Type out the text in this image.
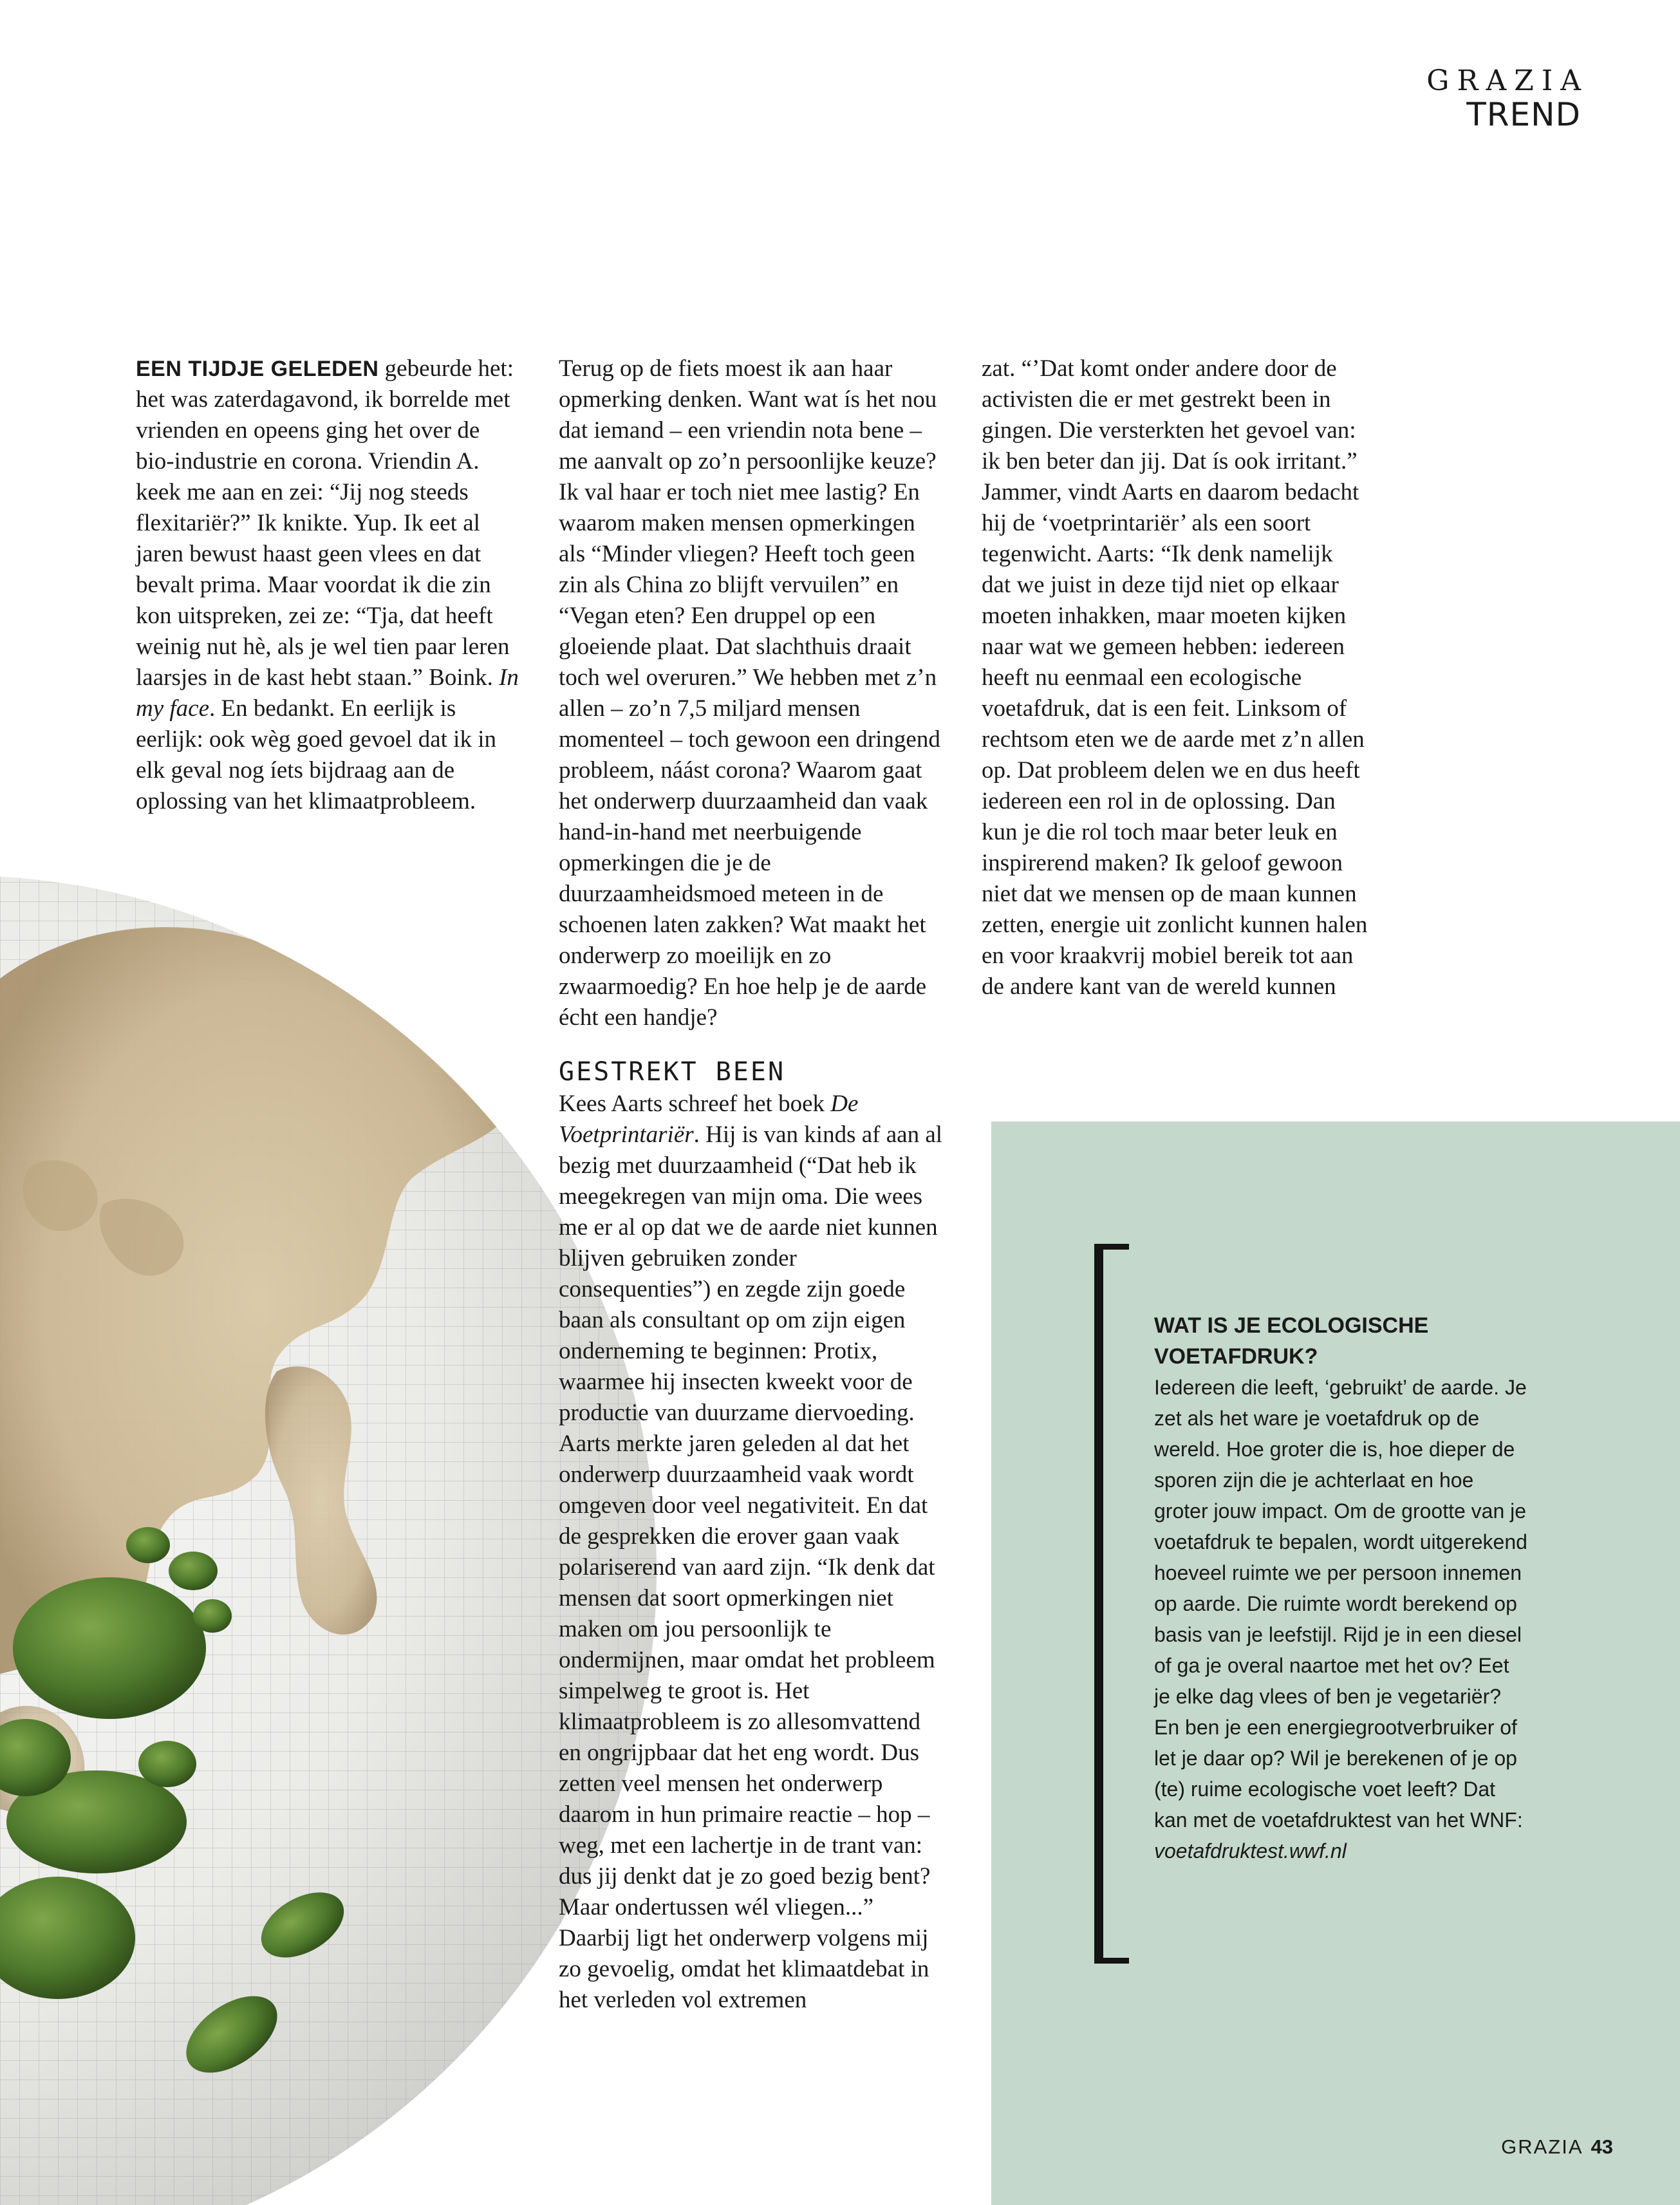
GRAZIA
TREND

EEN TIJDJE GELEDEN gebeurde het: het was zaterdagavond, ik borrelde met vrienden en opeens ging het over de bio-industrie en corona. Vriendin A. keek me aan en zei: “Jij nog steeds flexitariër?” Ik knikte. Yup. Ik eet al jaren bewust haast geen vlees en dat bevalt prima. Maar voordat ik die zin kon uitspreken, zei ze: “Tja, dat heeft weinig nut hè, als je wel tien paar leren laarsjes in de kast hebt staan.” Boink. In my face. En bedankt. En eerlijk is eerlijk: ook wèg goed gevoel dat ik in elk geval nog íets bijdraag aan de oplossing van het klimaatprobleem.

Terug op de fiets moest ik aan haar opmerking denken. Want wat ís het nou dat iemand – een vriendin nota bene – me aanvalt op zo’n persoonlijke keuze? Ik val haar er toch niet mee lastig? En waarom maken mensen opmerkingen als “Minder vliegen? Heeft toch geen zin als China zo blijft vervuilen” en “Vegan eten? Een druppel op een gloeiende plaat. Dat slachthuis draait toch wel overuren.” We hebben met z’n allen – zo’n 7,5 miljard mensen momenteel – toch gewoon een dringend probleem, náást corona? Waarom gaat het onderwerp duurzaamheid dan vaak hand-in-hand met neerbuigende opmerkingen die je de duurzaamheidsmoed meteen in de schoenen laten zakken? Wat maakt het onderwerp zo moeilijk en zo zwaarmoedig? En hoe help je de aarde écht een handje?

GESTREKT BEEN

Kees Aarts schreef het boek De Voetprintariër. Hij is van kinds af aan al bezig met duurzaamheid (“Dat heb ik meegekregen van mijn oma. Die wees me er al op dat we de aarde niet kunnen blijven gebruiken zonder consequenties”) en zegde zijn goede baan als consultant op om zijn eigen onderneming te beginnen: Protix, waarmee hij insecten kweekt voor de productie van duurzame diervoeding. Aarts merkte jaren geleden al dat het onderwerp duurzaamheid vaak wordt omgeven door veel negativiteit. En dat de gesprekken die erover gaan vaak polariserend van aard zijn. “Ik denk dat mensen dat soort opmerkingen niet maken om jou persoonlijk te ondermijnen, maar omdat het probleem simpelweg te groot is. Het klimaatprobleem is zo allesomvattend en ongrijpbaar dat het eng wordt. Dus zetten veel mensen het onderwerp daarom in hun primaire reactie – hop – weg, met een lachertje in de trant van: dus jij denkt dat je zo goed bezig bent? Maar ondertussen wél vliegen...” Daarbij ligt het onderwerp volgens mij zo gevoelig, omdat het klimaatdebat in het verleden vol extremen

zat. “’Dat komt onder andere door de activisten die er met gestrekt been in gingen. Die versterkten het gevoel van: ik ben beter dan jij. Dat ís ook irritant.”

Jammer, vindt Aarts en daarom bedacht hij de ‘voetprintariër’ als een soort tegenwicht. Aarts: “Ik denk namelijk dat we juist in deze tijd niet op elkaar moeten inhakken, maar moeten kijken naar wat we gemeen hebben: iedereen heeft nu eenmaal een ecologische voetafdruk, dat is een feit. Linksom of rechtsom eten we de aarde met z’n allen op. Dat probleem delen we en dus heeft iedereen een rol in de oplossing. Dan kun je die rol toch maar beter leuk en inspirerend maken? Ik geloof gewoon niet dat we mensen op de maan kunnen zetten, energie uit zonlicht kunnen halen en voor kraakvrij mobiel bereik tot aan de andere kant van de wereld kunnen

WAT IS JE ECOLOGISCHE VOETAFDRUK?

Iedereen die leeft, ‘gebruikt’ de aarde. Je zet als het ware je voetafdruk op de wereld. Hoe groter die is, hoe dieper de sporen zijn die je achterlaat en hoe groter jouw impact. Om de grootte van je voetafdruk te bepalen, wordt uitgerekend hoeveel ruimte we per persoon innemen op aarde. Die ruimte wordt berekend op basis van je leefstijl. Rijd je in een diesel of ga je overal naartoe met het ov? Eet je elke dag vlees of ben je vegetariër? En ben je een energiegrootverbruiker of let je daar op? Wil je berekenen of je op (te) ruime ecologische voet leeft? Dat kan met de voetafdruktest van het WNF: voetafdruktest.wwf.nl

GRAZIA 43
